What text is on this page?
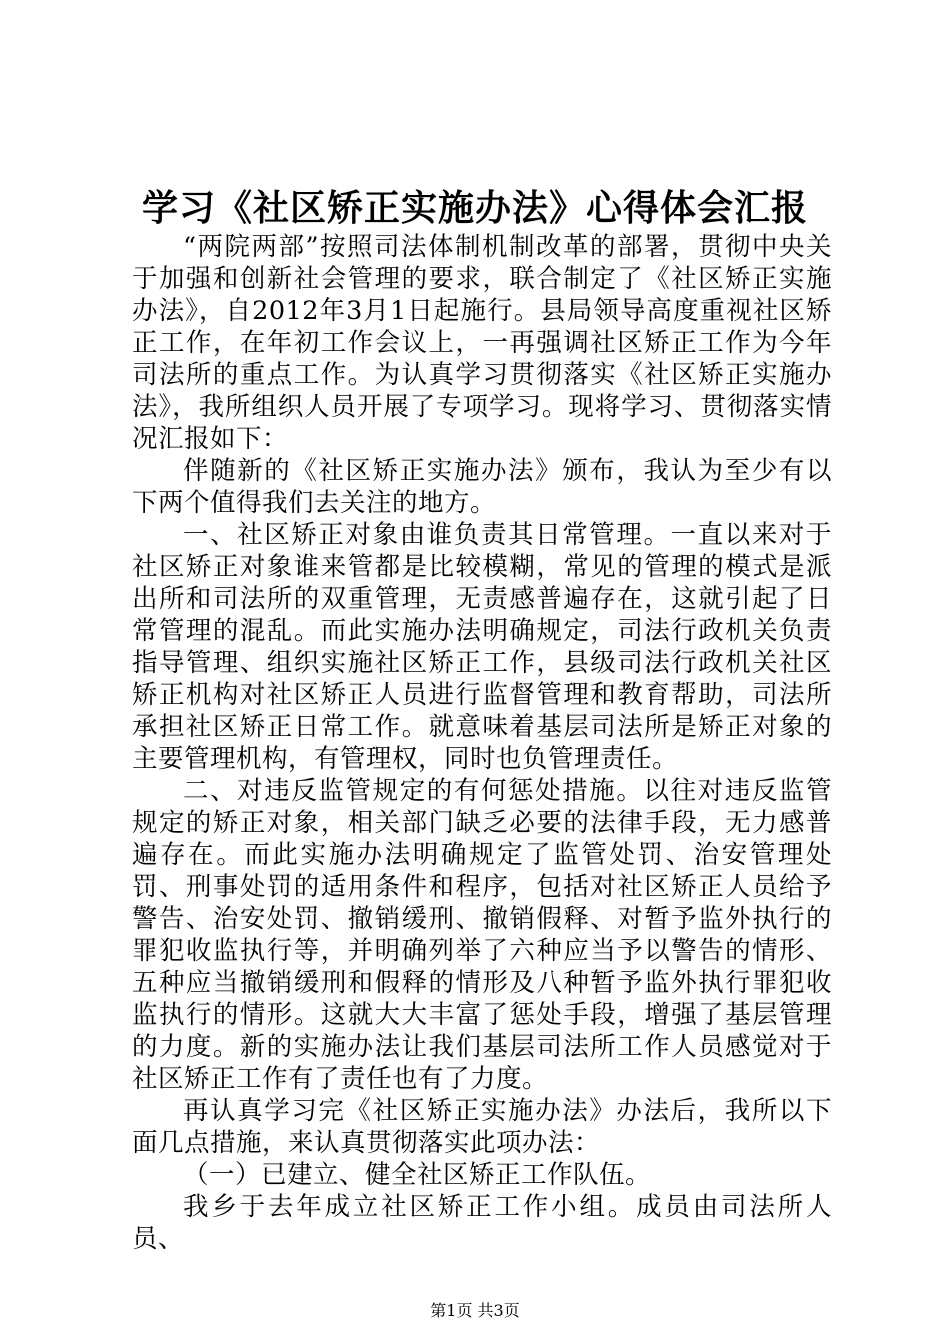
学习《社区矫正实施办法》心得体会汇报

“两院两部”按照司法体制机制改革的部署，贯彻中央关于加强和创新社会管理的要求，联合制定了《社区矫正实施办法》，自2012年3月1日起施行。县局领导高度重视社区矫正工作，在年初工作会议上，一再强调社区矫正工作为今年司法所的重点工作。为认真学习贯彻落实《社区矫正实施办法》，我所组织人员开展了专项学习。现将学习、贯彻落实情况汇报如下：

伴随新的《社区矫正实施办法》颁布，我认为至少有以下两个值得我们去关注的地方。

一、社区矫正对象由谁负责其日常管理。一直以来对于社区矫正对象谁来管都是比较模糊，常见的管理的模式是派出所和司法所的双重管理，无责感普遍存在，这就引起了日常管理的混乱。而此实施办法明确规定，司法行政机关负责指导管理、组织实施社区矫正工作，县级司法行政机关社区矫正机构对社区矫正人员进行监督管理和教育帮助，司法所承担社区矫正日常工作。就意味着基层司法所是矫正对象的主要管理机构，有管理权，同时也负管理责任。

二、对违反监管规定的有何惩处措施。以往对违反监管规定的矫正对象，相关部门缺乏必要的法律手段，无力感普遍存在。而此实施办法明确规定了监管处罚、治安管理处罚、刑事处罚的适用条件和程序，包括对社区矫正人员给予警告、治安处罚、撤销缓刑、撤销假释、对暂予监外执行的罪犯收监执行等，并明确列举了六种应当予以警告的情形、五种应当撤销缓刑和假释的情形及八种暂予监外执行罪犯收监执行的情形。这就大大丰富了惩处手段，增强了基层管理的力度。新的实施办法让我们基层司法所工作人员感觉对于社区矫正工作有了责任也有了力度。

再认真学习完《社区矫正实施办法》办法后，我所以下面几点措施，来认真贯彻落实此项办法：

（一）已建立、健全社区矫正工作队伍。

我乡于去年成立社区矫正工作小组。成员由司法所人员、

第1页 共3页
